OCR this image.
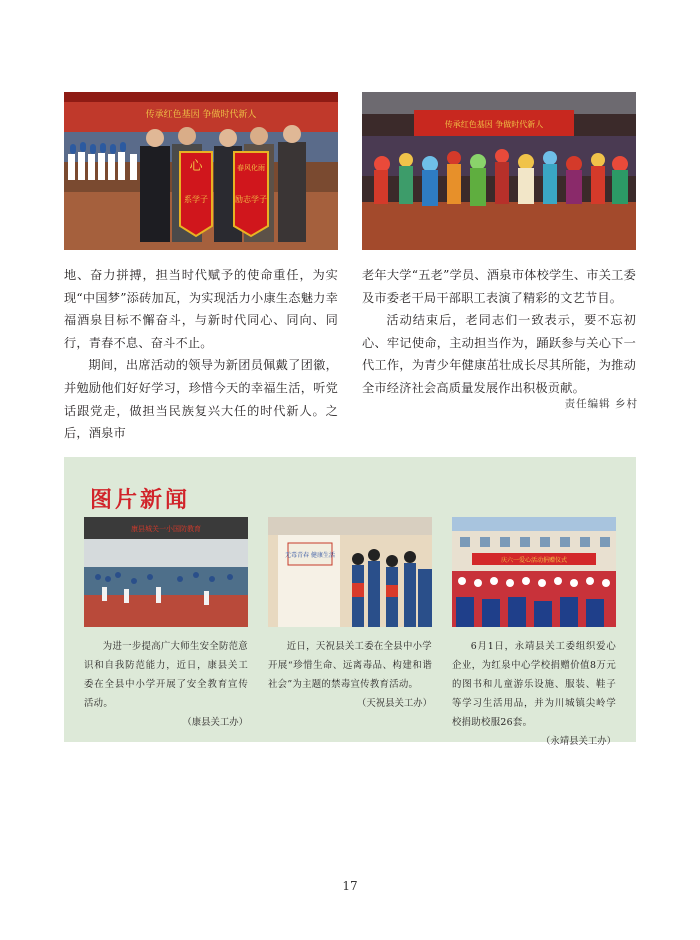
心	春风化雨
系学子	励志学子
传承红色基因 争做时代新人
传承红色基因 争做时代新人

地、奋力拼搏，担当时代赋予的使命重任，为实现“中国梦”添砖加瓦，为实现活力小康生态魅力幸福酒泉目标不懈奋斗，与新时代同心、同向、同行，青春不息、奋斗不止。

期间，出席活动的领导为新团员佩戴了团徽，并勉励他们好好学习，珍惜今天的幸福生活，听党话跟党走，做担当民族复兴大任的时代新人。之后，酒泉市

老年大学“五老”学员、酒泉市体校学生、市关工委及市委老干局干部职工表演了精彩的文艺节目。

活动结束后，老同志们一致表示，要不忘初心、牢记使命，主动担当作为，踊跃参与关心下一代工作，为青少年健康茁壮成长尽其所能，为推动全市经济社会高质量发展作出积极贡献。

责任编辑 乡村
图片新闻
康县城关一小国防教育
为进一步提高广大师生安全防范意识和自我防范能力，近日，康县关工委在全县中小学开展了安全教育宣传活动。
（康县关工办）
无毒青春 健康生活
近日，天祝县关工委在全县中小学开展“珍惜生命、远离毒品、构建和谐社会”为主题的禁毒宣传教育活动。
（天祝县关工办）
庆六一爱心活动捐赠仪式
6月1日，永靖县关工委组织爱心企业，为红泉中心学校捐赠价值8万元的图书和儿童游乐设施、服装、鞋子等学习生活用品，并为川城镇尖岭学校捐助校服26套。
（永靖县关工办）
17
